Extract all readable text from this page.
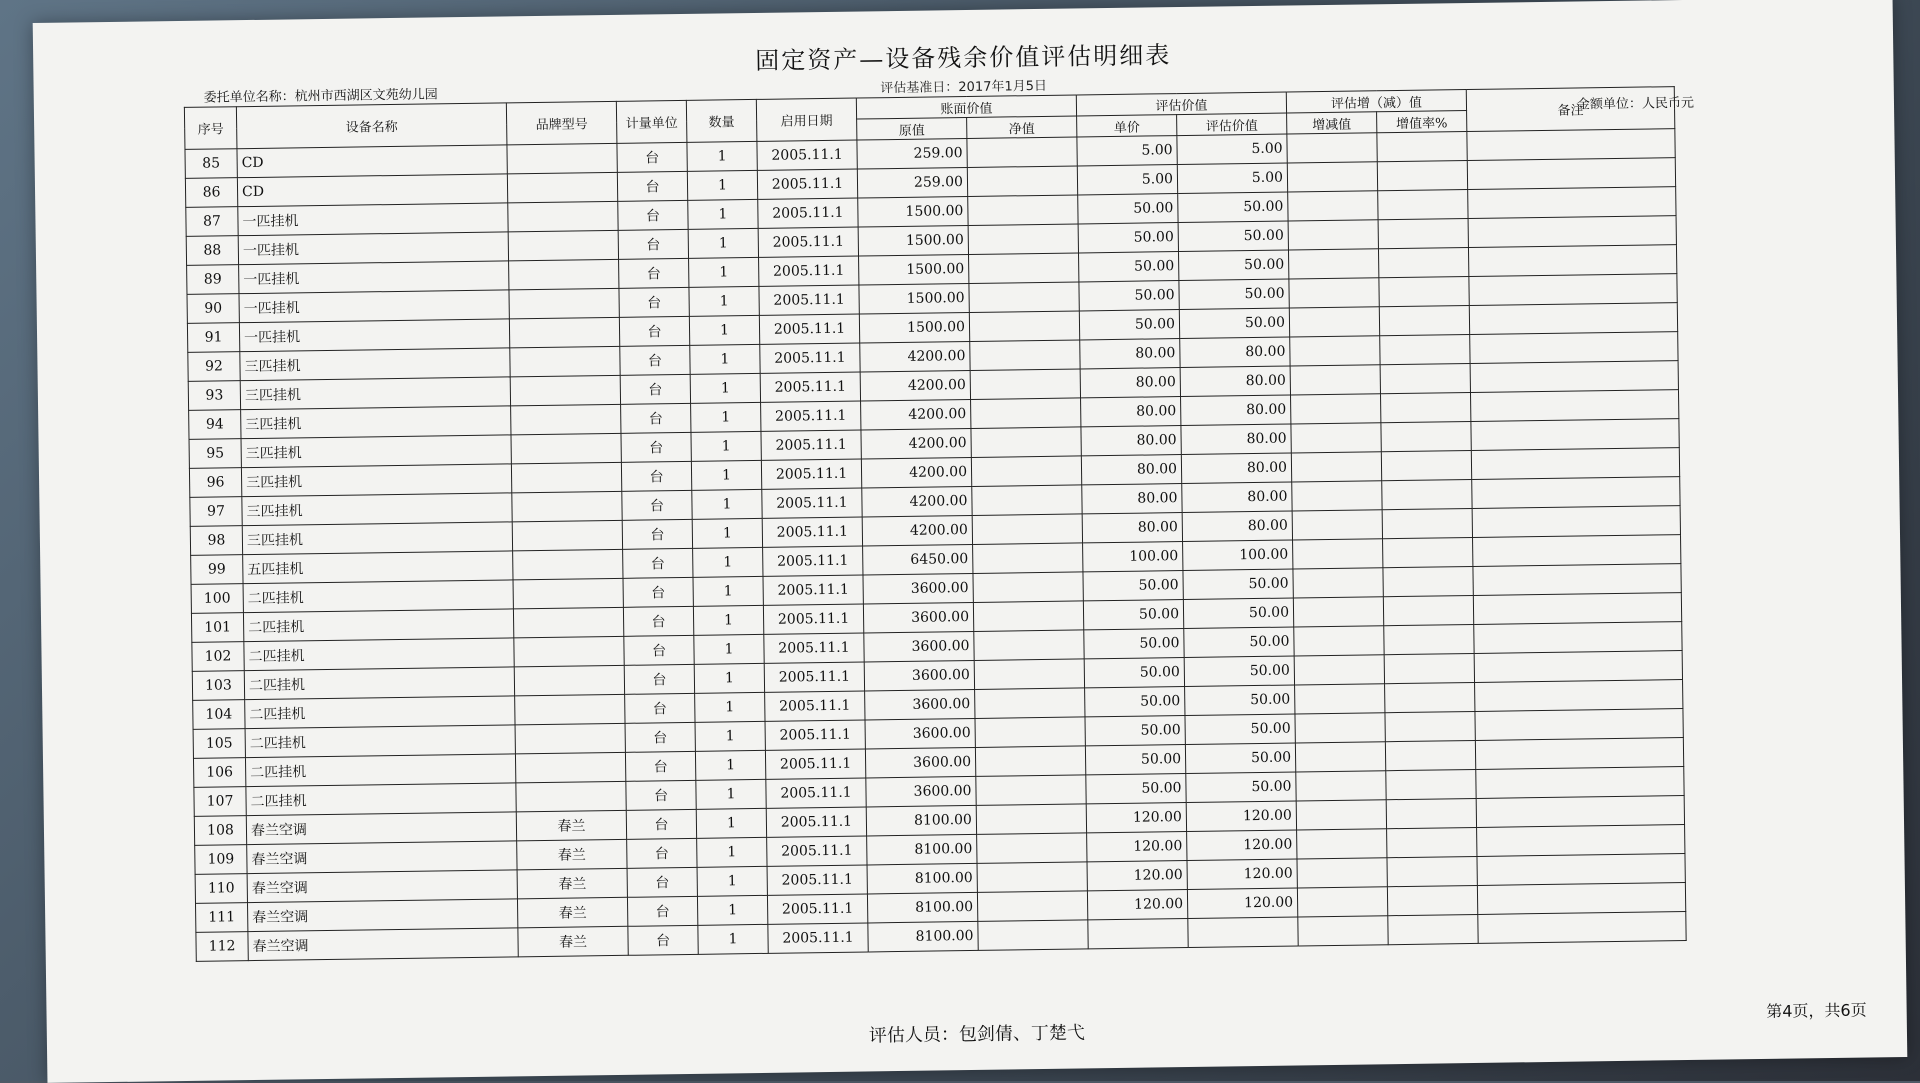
固定资产—设备残余价值评估明细表
评估基准日：2017年1月5日
委托单位名称：杭州市西湖区文苑幼儿园	金额单位：人民币元
序号	设备名称	品牌型号	计量单位	数量	启用日期	账面价值		评估价值		评估增（减）值		备注
						原值	净值	单价	评估价值	增减值	增值率%	
85	CD		台	1	2005.11.1	259.00		5.00	5.00			
86	CD		台	1	2005.11.1	259.00		5.00	5.00			
87	一匹挂机		台	1	2005.11.1	1500.00		50.00	50.00			
88	一匹挂机		台	1	2005.11.1	1500.00		50.00	50.00			
89	一匹挂机		台	1	2005.11.1	1500.00		50.00	50.00			
90	一匹挂机		台	1	2005.11.1	1500.00		50.00	50.00			
91	一匹挂机		台	1	2005.11.1	1500.00		50.00	50.00			
92	三匹挂机		台	1	2005.11.1	4200.00		80.00	80.00			
93	三匹挂机		台	1	2005.11.1	4200.00		80.00	80.00			
94	三匹挂机		台	1	2005.11.1	4200.00		80.00	80.00			
95	三匹挂机		台	1	2005.11.1	4200.00		80.00	80.00			
96	三匹挂机		台	1	2005.11.1	4200.00		80.00	80.00			
97	三匹挂机		台	1	2005.11.1	4200.00		80.00	80.00			
98	三匹挂机		台	1	2005.11.1	4200.00		80.00	80.00			
99	五匹挂机		台	1	2005.11.1	6450.00		100.00	100.00			
100	二匹挂机		台	1	2005.11.1	3600.00		50.00	50.00			
101	二匹挂机		台	1	2005.11.1	3600.00		50.00	50.00			
102	二匹挂机		台	1	2005.11.1	3600.00		50.00	50.00			
103	二匹挂机		台	1	2005.11.1	3600.00		50.00	50.00			
104	二匹挂机		台	1	2005.11.1	3600.00		50.00	50.00			
105	二匹挂机		台	1	2005.11.1	3600.00		50.00	50.00			
106	二匹挂机		台	1	2005.11.1	3600.00		50.00	50.00			
107	二匹挂机		台	1	2005.11.1	3600.00		50.00	50.00			
108	春兰空调	春兰	台	1	2005.11.1	8100.00		120.00	120.00			
109	春兰空调	春兰	台	1	2005.11.1	8100.00		120.00	120.00			
110	春兰空调	春兰	台	1	2005.11.1	8100.00		120.00	120.00			
111	春兰空调	春兰	台	1	2005.11.1	8100.00		120.00	120.00			
112	春兰空调	春兰	台	1	2005.11.1	8100.00						
评估人员：包剑倩、丁楚弋
第4页，共6页
